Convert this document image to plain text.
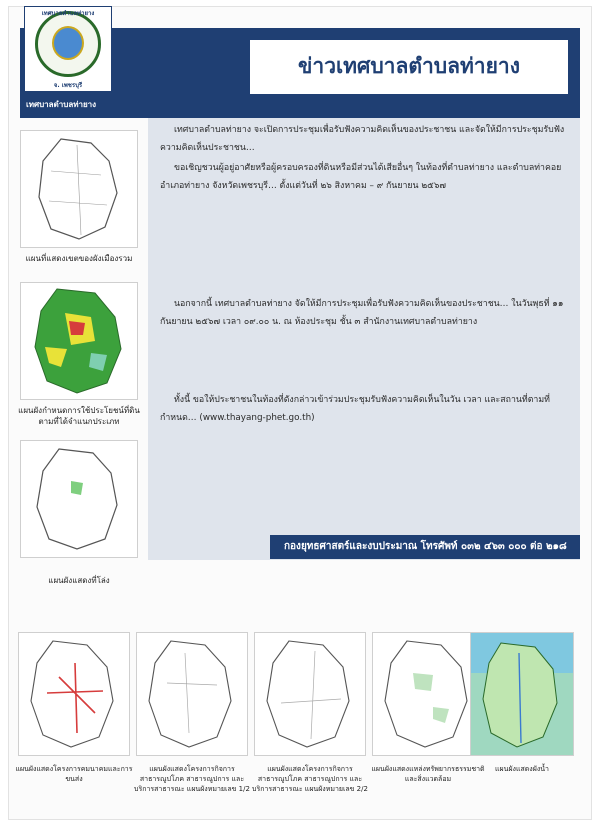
เทศบาลตำบลท่ายาง
จ. เพชรบุรี
เทศบาลตำบลท่ายาง
ข่าวเทศบาลตำบลท่ายาง
เทศบาลตำบลท่ายาง จะเปิดการประชุมเพื่อรับฟังความคิดเห็นของประชาชน และจัดให้มีการประชุมรับฟังความคิดเห็นประชาชน…
ขอเชิญชวนผู้อยู่อาศัยหรือผู้ครอบครองที่ดินหรือมีส่วนได้เสียอื่นๆ ในท้องที่ตำบลท่ายาง และตำบลท่าคอย อำเภอท่ายาง จังหวัดเพชรบุรี… ตั้งแต่วันที่ ๒๖ สิงหาคม – ๙ กันยายน ๒๕๖๗
นอกจากนี้ เทศบาลตำบลท่ายาง จัดให้มีการประชุมเพื่อรับฟังความคิดเห็นของประชาชน… ในวันพุธที่ ๑๑ กันยายน ๒๕๖๗ เวลา ๐๙.๐๐ น. ณ ห้องประชุม ชั้น ๓ สำนักงานเทศบาลตำบลท่ายาง
ทั้งนี้ ขอให้ประชาชนในท้องที่ดังกล่าวเข้าร่วมประชุมรับฟังความคิดเห็นในวัน เวลา และสถานที่ตามที่กำหนด… (www.thayang-phet.go.th)
กองยุทธศาสตร์และงบประมาณ โทรศัพท์ ๐๓๒ ๔๖๓ ๐๐๐ ต่อ ๒๑๘
แผนที่แสดงเขตของผังเมืองรวม
แผนผังกำหนดการใช้ประโยชน์ที่ดินตามที่ได้จำแนกประเภท
แผนผังแสดงที่โล่ง
แผนผังแสดงโครงการคมนาคมและการขนส่ง
แผนผังแสดงโครงการกิจการสาธารณูปโภค สาธารณูปการ และบริการสาธารณะ แผนผังหมายเลข 1/2
แผนผังแสดงโครงการกิจการสาธารณูปโภค สาธารณูปการ และบริการสาธารณะ แผนผังหมายเลข 2/2
แผนผังแสดงแหล่งทรัพยากรธรรมชาติและสิ่งแวดล้อม
แผนผังแสดงผังน้ำ
